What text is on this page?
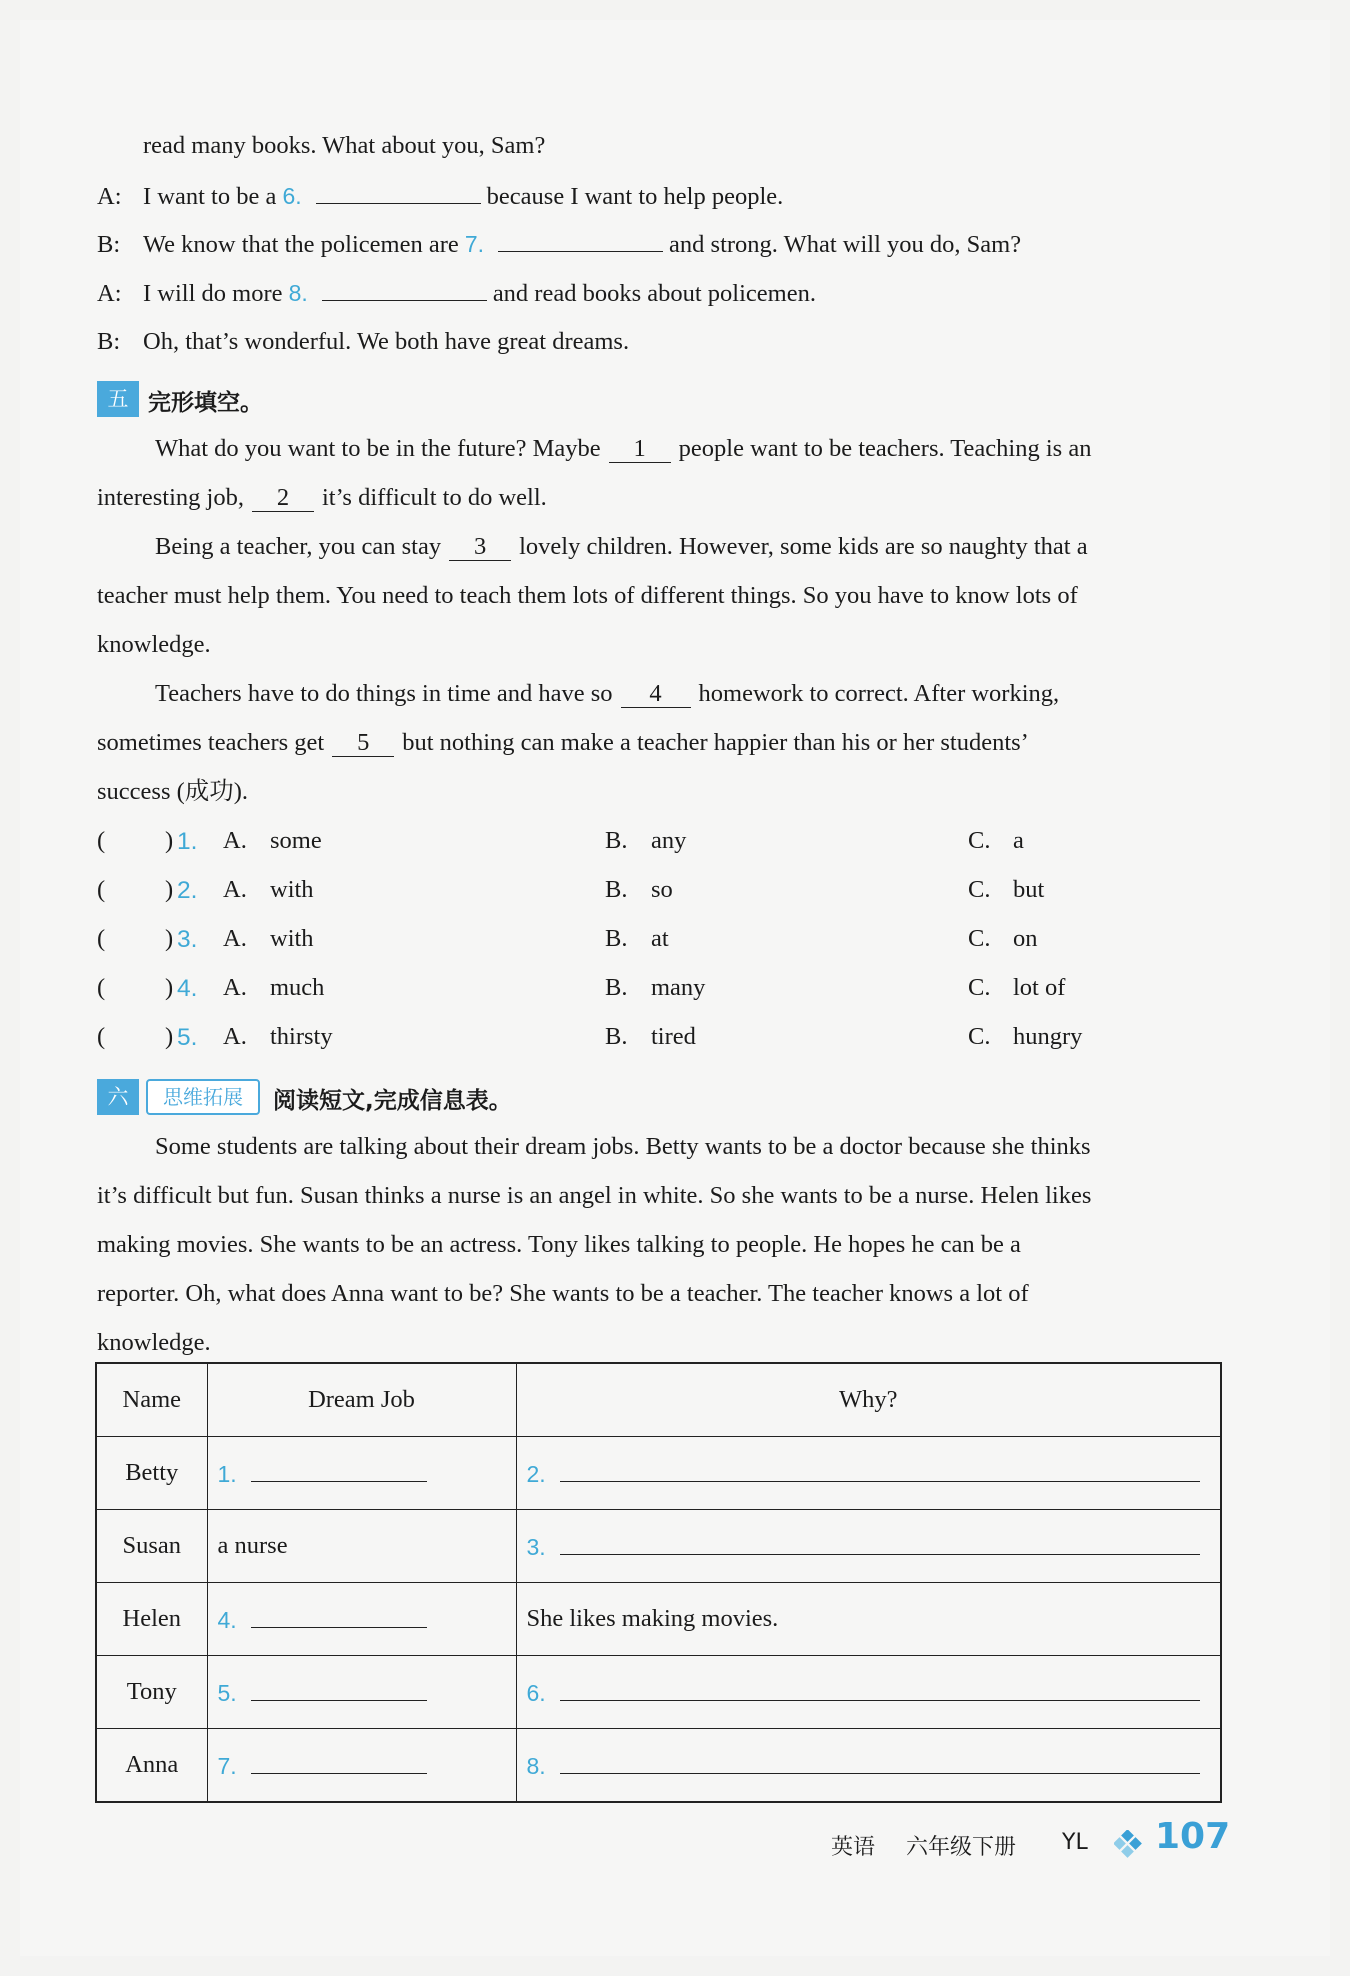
read many books. What about you, Sam?
A: I want to be a 6.	because I want to help people.
B: We know that the policemen are 7.	and strong. What will you do, Sam?
A: I will do more 8.	and read books about policemen.
B: Oh, that’s wonderful. We both have great dreams.
五 完形填空。
What do you want to be in the future? Maybe 1 people want to be teachers. Teaching is an
interesting job, 2 it’s difficult to do well.
Being a teacher, you can stay 3 lovely children. However, some kids are so naughty that a
teacher must help them. You need to teach them lots of different things. So you have to know lots of
knowledge.
Teachers have to do things in time and have so 4 homework to correct. After working,
sometimes teachers get 5 but nothing can make a teacher happier than his or her students’
success (成功).
( ) 1. A. some	B. any	C. a
( ) 2. A. with	B. so	C. but
( ) 3. A. with	B. at	C. on
( ) 4. A. much	B. many	C. lot of
( ) 5. A. thirsty	B. tired	C. hungry
六	思维拓展	阅读短文,完成信息表。
Some students are talking about their dream jobs. Betty wants to be a doctor because she thinks
it’s difficult but fun. Susan thinks a nurse is an angel in white. So she wants to be a nurse. Helen likes
making movies. She wants to be an actress. Tony likes talking to people. He hopes he can be a
reporter. Oh, what does Anna want to be? She wants to be a teacher. The teacher knows a lot of
knowledge.
Name	Dream Job	Why?
Betty	1.	2.
Susan	a nurse	3.
Helen	4.	She likes making movies.
Tony	5.	6.
Anna	7.	8.
英语 六年级下册 YL 107
